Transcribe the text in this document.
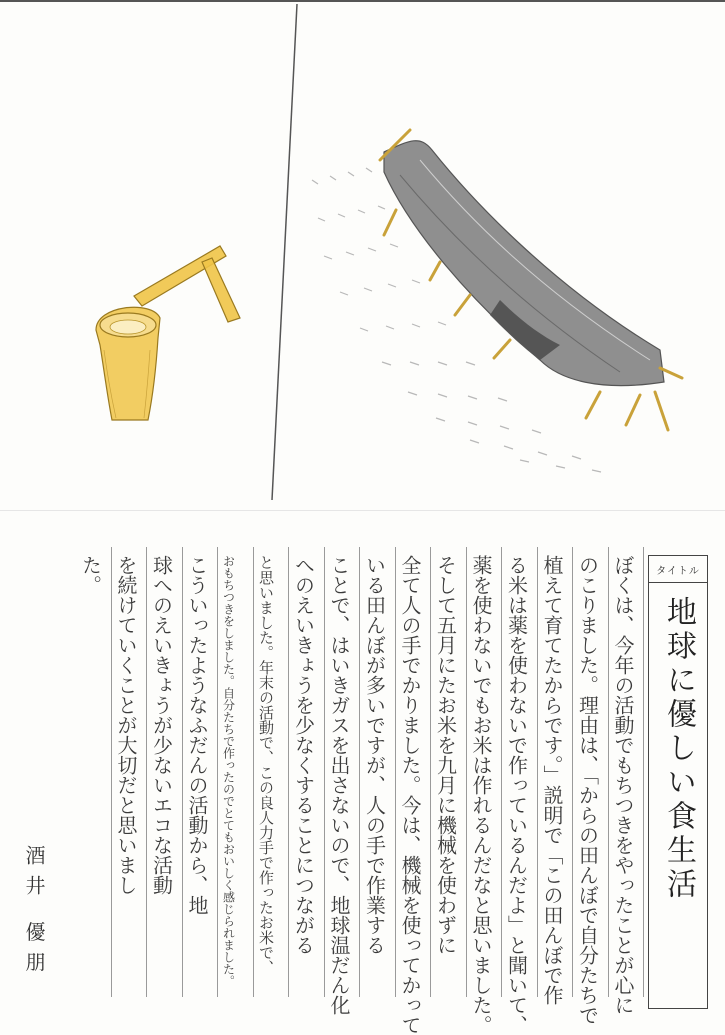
タイトル
地球に優しい食生活
ぼくは、今年の活動でもちつきをやったことが心に
のこりました。理由は、「からの田んぼで自分たちで
植えて育てたからです。」説明で「この田んぼで作
る米は薬を使わないで作っているんだよ」と聞いて、
薬を使わないでもお米は作れるんだなと思いました。
そして五月にたお米を九月に機械を使わずに
全て人の手でかりました。今は、機械を使ってかって
いる田んぼが多いですが、人の手で作業する
ことで、はいきガスを出さないので、地球温だん化
へのえいきょうを少なくすることにつながる
と思いました。年末の活動で、この良人力手で作ったお米で、
おもちつきをしました。自分たちで作ったのでとてもおいしく感じられました。
こういったようなふだんの活動から、地
球へのえいきょうが少ないエコな活動
を続けていくことが大切だと思いまし
た。
酒井 優朋
